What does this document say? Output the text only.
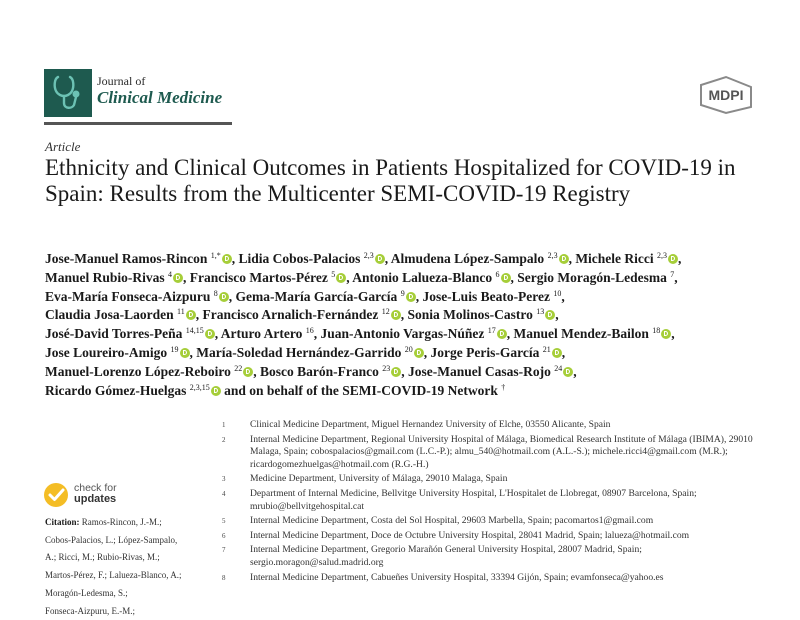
Journal of
Clinical Medicine	MDPI
Article
Ethnicity and Clinical Outcomes in Patients Hospitalized for COVID-19 in Spain: Results from the Multicenter SEMI-COVID-19 Registry
Jose-Manuel Ramos-Rincon $^{1,*}$ , Lidia Cobos-Palacios $^{2,3}$ , Almudena López-Sampalo $^{2,3}$ , Michele Ricci $^{2,3}$ ,
Manuel Rubio-Rivas $^4$ , Francisco Martos-Pérez $^5$ , Antonio Lalueza-Blanco $^6$ , Sergio Moragón-Ledesma $^7$,
Eva-María Fonseca-Aizpuru $^8$ , Gema-María García-García $^9$ , Jose-Luis Beato-Perez $^{10}$,
Claudia Josa-Laorden $^{11}$ , Francisco Arnalich-Fernández $^{12}$ , Sonia Molinos-Castro $^{13}$ ,
José-David Torres-Peña $^{14,15}$ , Arturo Artero $^{16}$, Juan-Antonio Vargas-Núñez $^{17}$ , Manuel Mendez-Bailon $^{18}$ ,
Jose Loureiro-Amigo $^{19}$ , María-Soledad Hernández-Garrido $^{20}$ , Jorge Peris-García $^{21}$ ,
Manuel-Lorenzo López-Reboiro $^{22}$ , Bosco Barón-Franco $^{23}$ , Jose-Manuel Casas-Rojo $^{24}$ ,
Ricardo Gómez-Huelgas $^{2,3,15}$ and on behalf of the SEMI-COVID-19 Network †
check for
updates
Citation: Ramos-Rincon, J.-M.;
Cobos-Palacios, L.; López-Sampalo,
A.; Ricci, M.; Rubio-Rivas, M.;
Martos-Pérez, F.; Lalueza-Blanco, A.;
Moragón-Ledesma, S.;
Fonseca-Aizpuru, E.-M.;
1	Clinical Medicine Department, Miguel Hernandez University of Elche, 03550 Alicante, Spain
2	Internal Medicine Department, Regional University Hospital of Málaga, Biomedical Research Institute of Málaga (IBIMA), 29010 Malaga, Spain; cobospalacios@gmail.com (L.C.-P.); almu_540@hotmail.com (A.L.-S.); michele.ricci4@gmail.com (M.R.); ricardogomezhuelgas@hotmail.com (R.G.-H.)
3	Medicine Department, University of Málaga, 29010 Malaga, Spain
4	Department of Internal Medicine, Bellvitge University Hospital, L'Hospitalet de Llobregat, 08907 Barcelona, Spain; mrubio@bellvitgehospital.cat
5	Internal Medicine Department, Costa del Sol Hospital, 29603 Marbella, Spain; pacomartos1@gmail.com
6	Internal Medicine Department, Doce de Octubre University Hospital, 28041 Madrid, Spain; lalueza@hotmail.com
7	Internal Medicine Department, Gregorio Marañón General University Hospital, 28007 Madrid, Spain; sergio.moragon@salud.madrid.org
8	Internal Medicine Department, Cabueñes University Hospital, 33394 Gijón, Spain; evamfonseca@yahoo.es
